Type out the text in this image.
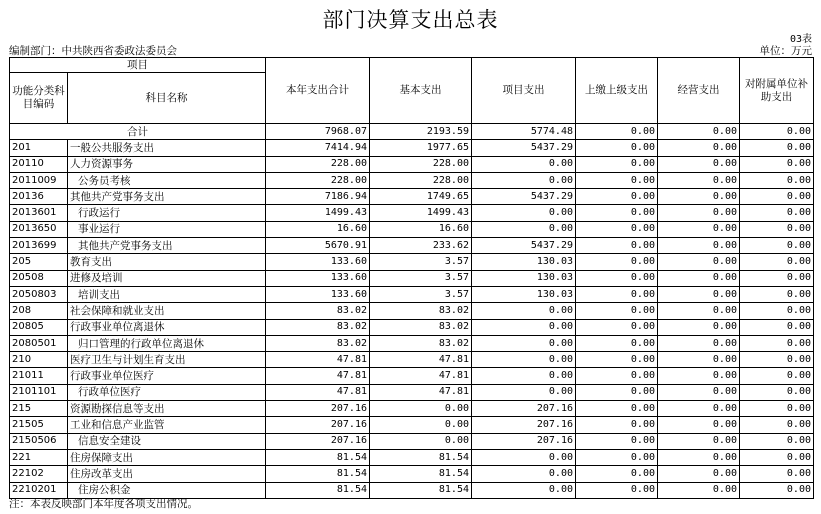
部门决算支出总表
03表
编制部门：中共陕西省委政法委员会	单位：万元
项目		本年支出合计	基本支出	项目支出	上缴上级支出	经营支出	对附属单位补助支出
功能分类科目编码	科目名称						
合计		7968.07	2193.59	5774.48	0.00	0.00	0.00
201	一般公共服务支出	7414.94	1977.65	5437.29	0.00	0.00	0.00
20110	人力资源事务	228.00	228.00	0.00	0.00	0.00	0.00
2011009	公务员考核	228.00	228.00	0.00	0.00	0.00	0.00
20136	其他共产党事务支出	7186.94	1749.65	5437.29	0.00	0.00	0.00
2013601	行政运行	1499.43	1499.43	0.00	0.00	0.00	0.00
2013650	事业运行	16.60	16.60	0.00	0.00	0.00	0.00
2013699	其他共产党事务支出	5670.91	233.62	5437.29	0.00	0.00	0.00
205	教育支出	133.60	3.57	130.03	0.00	0.00	0.00
20508	进修及培训	133.60	3.57	130.03	0.00	0.00	0.00
2050803	培训支出	133.60	3.57	130.03	0.00	0.00	0.00
208	社会保障和就业支出	83.02	83.02	0.00	0.00	0.00	0.00
20805	行政事业单位离退休	83.02	83.02	0.00	0.00	0.00	0.00
2080501	归口管理的行政单位离退休	83.02	83.02	0.00	0.00	0.00	0.00
210	医疗卫生与计划生育支出	47.81	47.81	0.00	0.00	0.00	0.00
21011	行政事业单位医疗	47.81	47.81	0.00	0.00	0.00	0.00
2101101	行政单位医疗	47.81	47.81	0.00	0.00	0.00	0.00
215	资源勘探信息等支出	207.16	0.00	207.16	0.00	0.00	0.00
21505	工业和信息产业监管	207.16	0.00	207.16	0.00	0.00	0.00
2150506	信息安全建设	207.16	0.00	207.16	0.00	0.00	0.00
221	住房保障支出	81.54	81.54	0.00	0.00	0.00	0.00
22102	住房改革支出	81.54	81.54	0.00	0.00	0.00	0.00
2210201	住房公积金	81.54	81.54	0.00	0.00	0.00	0.00
注：本表反映部门本年度各项支出情况。
